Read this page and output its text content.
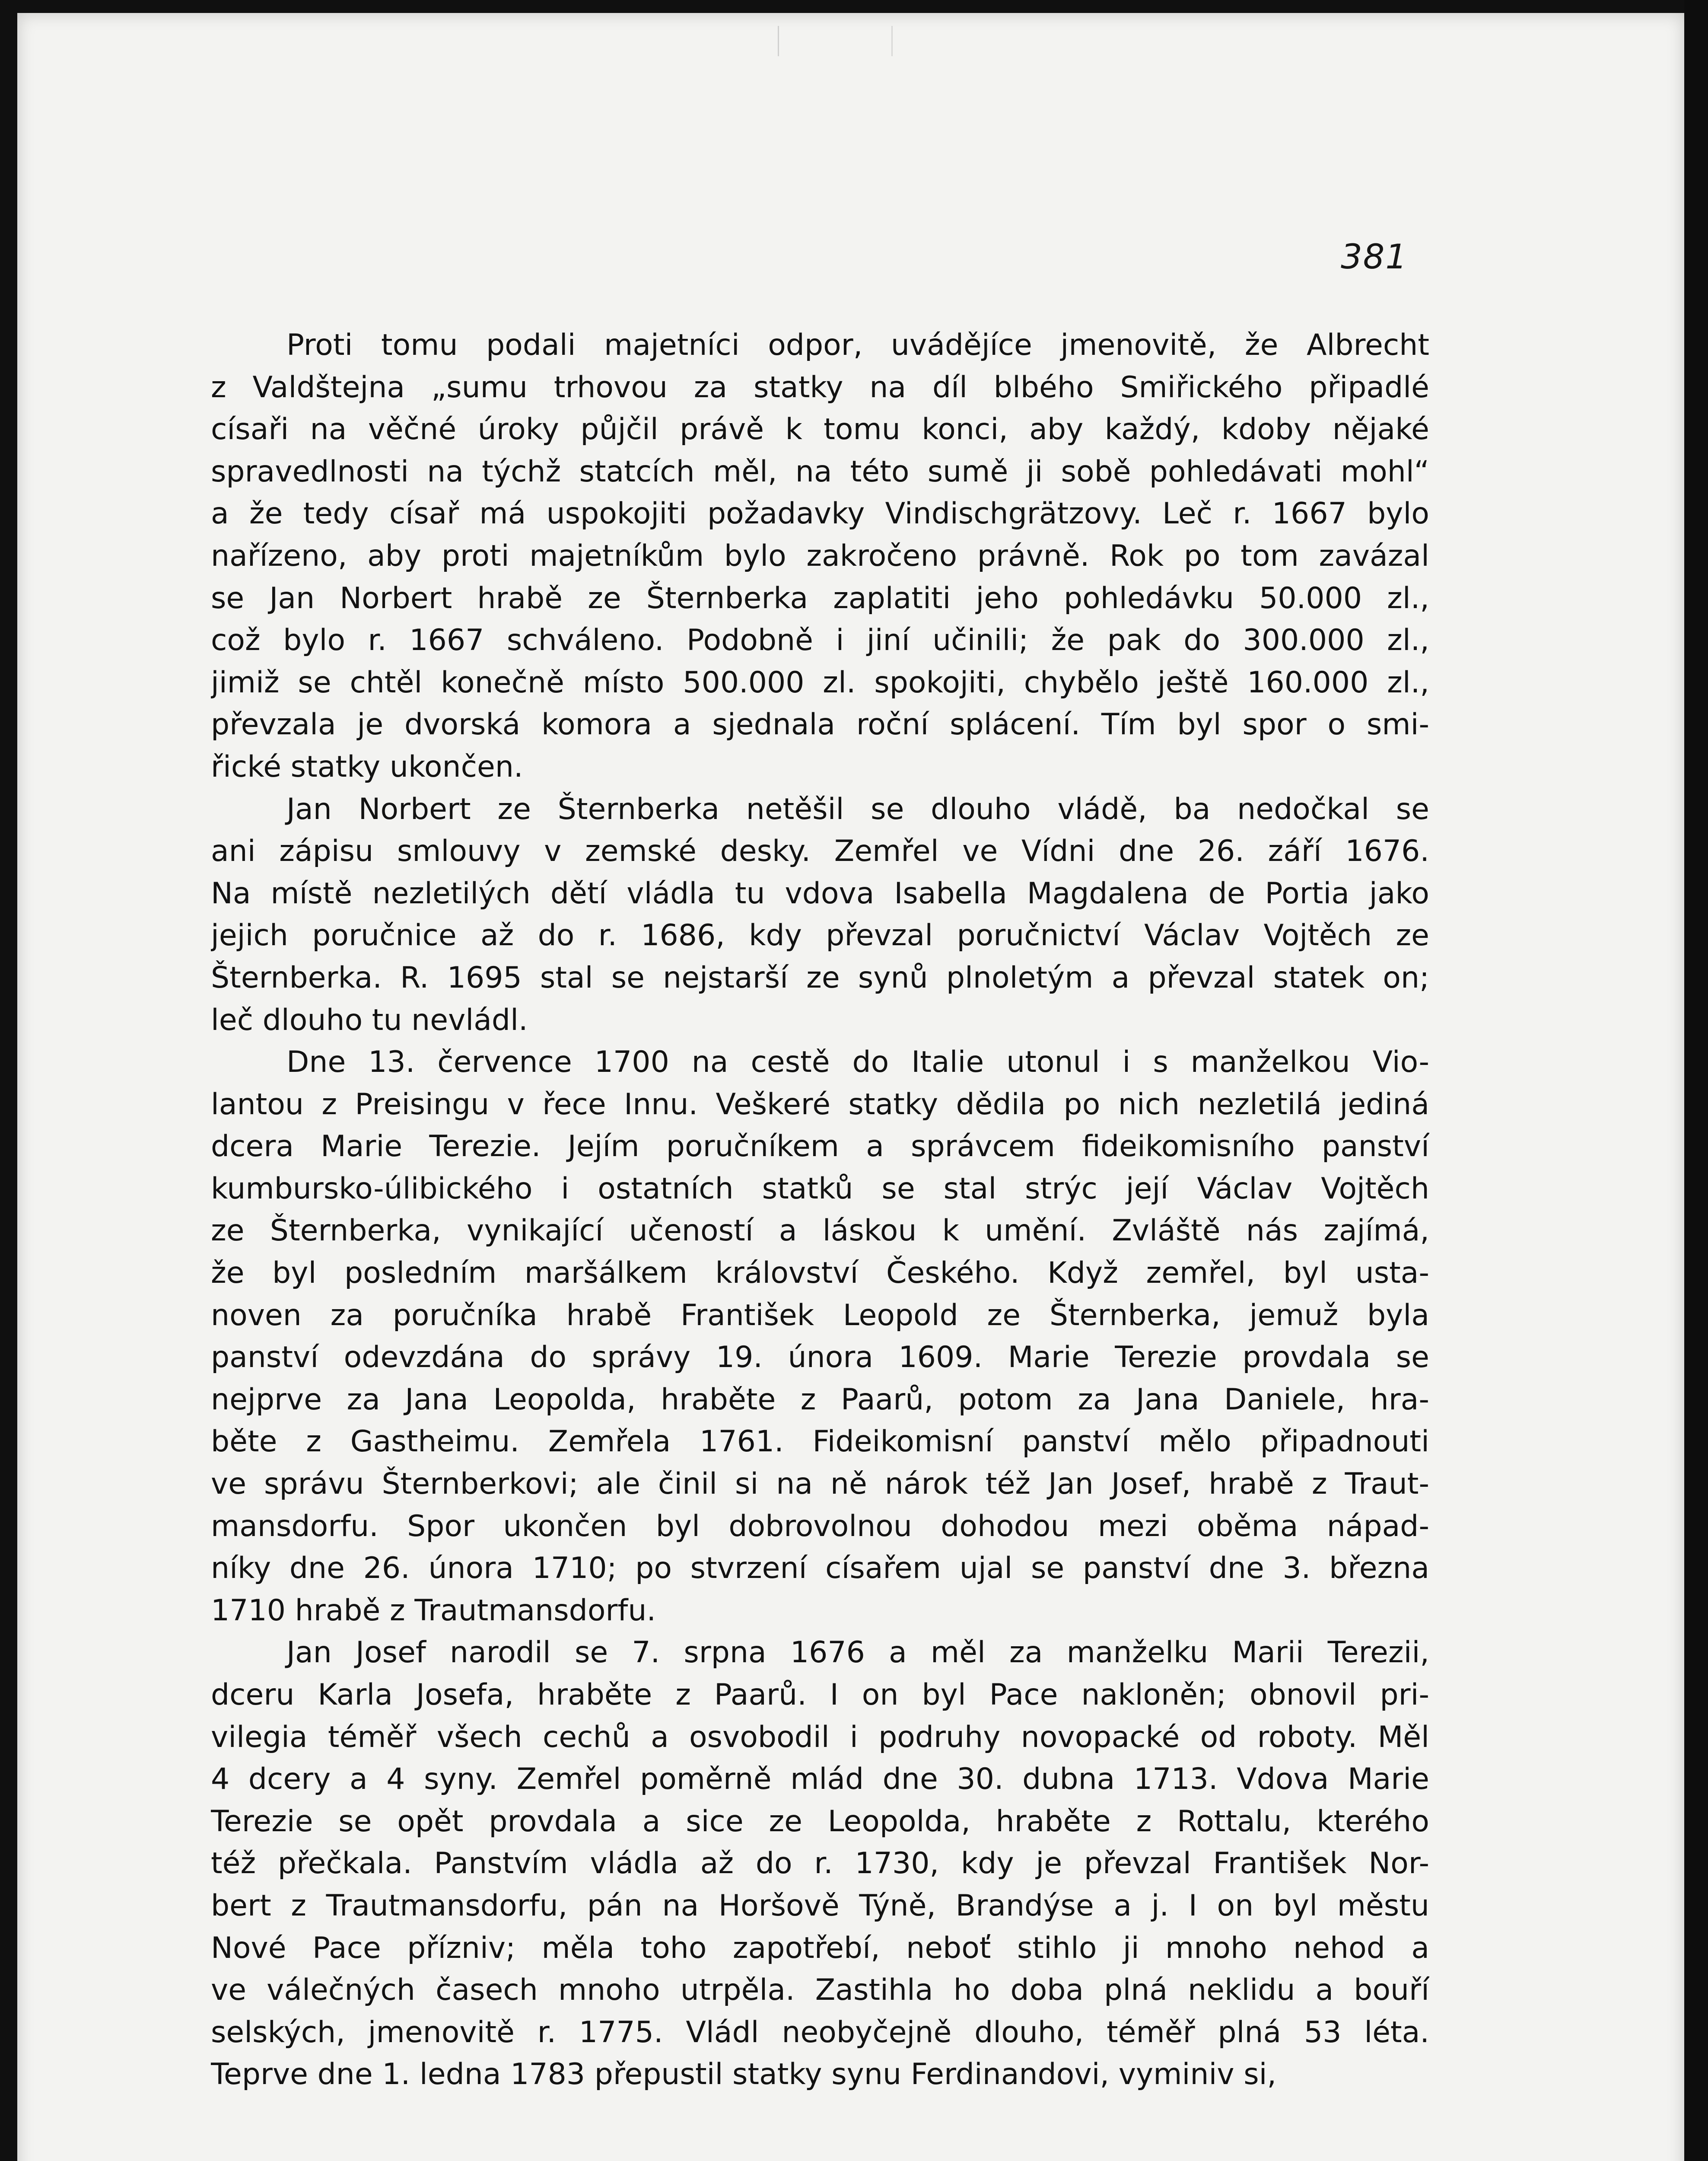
381
Proti tomu podali majetníci odpor, uvádějíce jmenovitě, že Albrecht
z Valdštejna „sumu trhovou za statky na díl blbého Smiřického připadlé
císaři na věčné úroky půjčil právě k tomu konci, aby každý, kdoby nějaké
spravedlnosti na týchž statcích měl, na této sumě ji sobě pohledávati mohl“
a že tedy císař má uspokojiti požadavky Vindischgrätzovy. Leč r. 1667 bylo
nařízeno, aby proti majetníkům bylo zakročeno právně. Rok po tom zavázal
se Jan Norbert hrabě ze Šternberka zaplatiti jeho pohledávku 50.000 zl.,
což bylo r. 1667 schváleno. Podobně i jiní učinili; že pak do 300.000 zl.,
jimiž se chtěl konečně místo 500.000 zl. spokojiti, chybělo ještě 160.000 zl.,
převzala je dvorská komora a sjednala roční splácení. Tím byl spor o smi-
řické statky ukončen.
Jan Norbert ze Šternberka netěšil se dlouho vládě, ba nedočkal se
ani zápisu smlouvy v zemské desky. Zemřel ve Vídni dne 26. září 1676.
Na místě nezletilých dětí vládla tu vdova Isabella Magdalena de Portia jako
jejich poručnice až do r. 1686, kdy převzal poručnictví Václav Vojtěch ze
Šternberka. R. 1695 stal se nejstarší ze synů plnoletým a převzal statek on;
leč dlouho tu nevládl.
Dne 13. července 1700 na cestě do Italie utonul i s manželkou Vio-
lantou z Preisingu v řece Innu. Veškeré statky dědila po nich nezletilá jediná
dcera Marie Terezie. Jejím poručníkem a správcem fideikomisního panství
kumbursko-úlibického i ostatních statků se stal strýc její Václav Vojtěch
ze Šternberka, vynikající učeností a láskou k umění. Zvláště nás zajímá,
že byl posledním maršálkem království Českého. Když zemřel, byl usta-
noven za poručníka hrabě František Leopold ze Šternberka, jemuž byla
panství odevzdána do správy 19. února 1609. Marie Terezie provdala se
nejprve za Jana Leopolda, hraběte z Paarů, potom za Jana Daniele, hra-
běte z Gastheimu. Zemřela 1761. Fideikomisní panství mělo připadnouti
ve správu Šternberkovi; ale činil si na ně nárok též Jan Josef, hrabě z Traut-
mansdorfu. Spor ukončen byl dobrovolnou dohodou mezi oběma nápad-
níky dne 26. února 1710; po stvrzení císařem ujal se panství dne 3. března
1710 hrabě z Trautmansdorfu.
Jan Josef narodil se 7. srpna 1676 a měl za manželku Marii Terezii,
dceru Karla Josefa, hraběte z Paarů. I on byl Pace nakloněn; obnovil pri-
vilegia téměř všech cechů a osvobodil i podruhy novopacké od roboty. Měl
4 dcery a 4 syny. Zemřel poměrně mlád dne 30. dubna 1713. Vdova Marie
Terezie se opět provdala a sice ze Leopolda, hraběte z Rottalu, kterého
též přečkala. Panstvím vládla až do r. 1730, kdy je převzal František Nor-
bert z Trautmansdorfu, pán na Horšově Týně, Brandýse a j. I on byl městu
Nové Pace přízniv; měla toho zapotřebí, neboť stihlo ji mnoho nehod a
ve válečných časech mnoho utrpěla. Zastihla ho doba plná neklidu a bouří
selských, jmenovitě r. 1775. Vládl neobyčejně dlouho, téměř plná 53 léta.
Teprve dne 1. ledna 1783 přepustil statky synu Ferdinandovi, vyminiv si,
